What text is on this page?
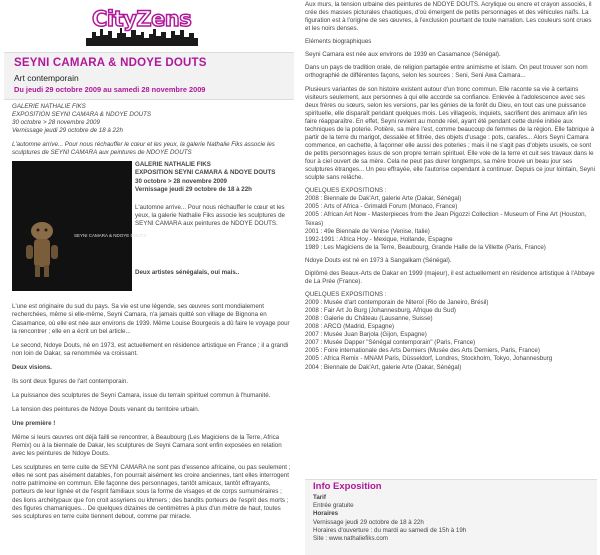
CityZens
SEYNI CAMARA & NDOYE DOUTS
Art contemporain
Du jeudi 29 octobre 2009 au samedi 28 novembre 2009

GALERIE NATHALIE FIKS

EXPOSITION SEYNI CAMARA & NDOYE DOUTS

30 octobre > 28 novembre 2009

Vernissage jeudi 29 octobre de 18 à 22h

L'automne arrive... Pour nous réchauffer le cœur et les yeux, la galerie Nathalie Fiks associe les sculptures de SEYNI CAMARA aux peintures de NDOYE DOUTS

SEYNI CAMARA & NDOYE DOUTS
GALERIE NATHALIE FIKS
EXPOSITION SEYNI CAMARA & NDOYE DOUTS
30 octobre > 28 novembre 2009
Vernissage jeudi 29 octobre de 18 à 22h

L'automne arrive... Pour nous réchauffer le cœur et les yeux, la galerie Nathalie Fiks associe les sculptures de SEYNI CAMARA aux peintures de NDOYE DOUTS.

Deux artistes sénégalais, oui mais..

L'une est originaire du sud du pays. Sa vie est une légende, ses œuvres sont mondialement recherchées, même si elle-même, Seyni Camara, n'a jamais quitté son village de Bignona en Casamance, où elle est née aux environs de 1939. Même Louise Bourgeois a dû faire le voyage pour la rencontrer ; elle en a écrit un bel article...

Le second, Ndoye Douts, né en 1973, est actuellement en résidence artistique en France ; il a grandi non loin de Dakar, sa renommée va croissant.

Deux visions.

Ils sont deux figures de l'art contemporain.

La puissance des sculptures de Seyni Camara, issue du terrain spirituel commun à l'humanité.

La tension des peintures de Ndoye Douts venant du territoire urbain.

Une première !

Même si leurs œuvres ont déjà failli se rencontrer, à Beaubourg (Les Magiciens de la Terre, Africa Remix) ou à la biennale de Dakar, les sculptures de Seyni Camara sont enfin exposées en relation avec les peintures de Ndoye Douts.

Les sculptures en terre cuite de SEYNI CAMARA ne sont pas d'essence africaine, ou pas seulement ; elles ne sont pas aisément datables, l'on pourrait aisément les croire anciennes, tant elles interrogent notre patrimoine en commun. Elle façonne des personnages, tantôt amicaux, tantôt effrayants, porteurs de leur lignée et de l'esprit familiaux sous la forme de visages et de corps surnuméraires ; des lions archétypaux que l'on croit assyriens ou khmers ; des bandits porteurs de l'esprit des morts ; des figures chamaniques... De quelques dizaines de centimètres à plus d'un mètre de haut, toutes ses sculptures en terre cuite tiennent debout, comme par miracle.

Aux murs, la tension urbaine des peintures de NDOYE DOUTS. Acrylique ou encre et crayon associés, il crée des masses picturales chaotiques, d'où émergent de petits personnages et des véhicules naïfs. La figuration est à l'origine de ses œuvres, à l'exclusion pourtant de toute narration. Les couleurs sont crues et les noirs denses.

Eléments biographiques

Seyni Camara est née aux environs de 1939 en Casamance (Sénégal).

Dans un pays de tradition orale, de religion partagée entre animisme et islam. On peut trouver son nom orthographié de différentes façons, selon les sources : Seni, Seni Awa Camara...

Plusieurs variantes de son histoire existent autour d'un tronc commun. Elle raconte sa vie à certains visiteurs seulement, aux personnes à qui elle accorde sa confiance. Enlevée à l'adolescence avec ses deux frères ou sœurs, selon les versions, par les génies de la forêt du Dieu, en tout cas une puissance spirituelle, elle disparaît pendant quelques mois. Les villageois, inquiets, sacrifient des animaux afin les faire réapparaître. En effet, Seyni revient au monde réel, ayant été pendant cette durée initiée aux techniques de la poterie. Potière, sa mère l'est, comme beaucoup de femmes de la région. Elle fabrique à partir de la terre du marigot, dessalée et filtrée, des objets d'usage : pots, carafes... Alors Seyni Camara commence, en cachette, à façonner elle aussi des poteries ; mais il ne s'agit pas d'objets usuels, ce sont de petits personnages issus de son propre terrain spirituel. Elle vole de la terre et cuit ses travaux dans le four à ciel ouvert de sa mère. Cela ne peut pas durer longtemps, sa mère trouve un beau jour ses sculptures étranges... Un peu effrayée, elle l'autorise cependant à continuer. Depuis ce jour lointain, Seyni sculpte sans relâche.

QUELQUES EXPOSITIONS :

2008 : Biennale de Dak'Art, galerie Arte (Dakar, Sénégal)
2005 : Arts of Africa - Grimaldi Forum (Monaco, France)
2005 : African Art Now - Masterpieces from the Jean Pigozzi Collection - Museum of Fine Art (Houston, Texas)
2001 : 49e Biennale de Venise (Venise, Italie)
1992-1991 : Africa Hoy - Mexique, Hollande, Espagne
1989 : Les Magiciens de la Terre, Beaubourg, Grande Halle de la Villette (Paris, France)

Ndoye Douts est né en 1973 à Sangalkam (Sénégal).

Diplômé des Beaux-Arts de Dakar en 1999 (majeur), il est actuellement en résidence artistique à l'Abbaye de La Prée (France).

QUELQUES EXPOSITIONS :

2009 : Musée d'art contemporain de Niteroï (Rio de Janeiro, Brésil)
2008 : Fair Art Jo Burg (Johannesburg, Afrique du Sud)
2008 : Galerie du Château (Lausanne, Suisse)
2008 : ARCO (Madrid, Espagne)
2007 : Musée Juan Barjola (Gijon, Espagne)
2007 : Musée Dapper "Sénégal contemporain" (Paris, France)
2005 : Foire internationale des Arts Derniers (Musée des Arts Derniers, Paris, France)
2005 : Africa Remix - MNAM Paris, Düsseldorf, Londres, Stockholm, Tokyo, Johannesburg
2004 : Biennale de Dak'Art, galerie Arte (Dakar, Sénégal)
Info Exposition
Tarif
Entrée gratuite
Horaires
Vernissage jeudi 29 octobre de 18 à 22h
Horaires d'ouverture : du mardi au samedi de 15h à 19h
Site : www.nathaliefiks.com
